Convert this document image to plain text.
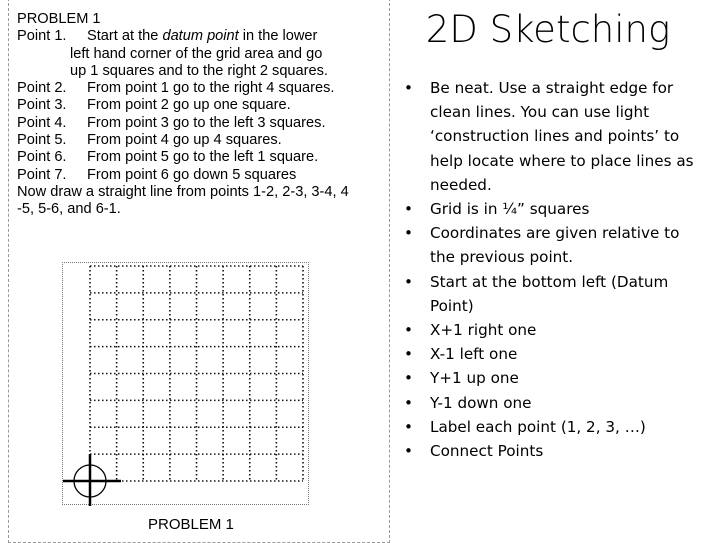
PROBLEM 1
Point 1.	Start at the datum point in the lower
left hand corner of the grid area and go
up 1 squares and to the right 2 squares.
Point 2.	From point 1 go to the right 4 squares.
Point 3.	From point 2 go up one square.
Point 4.	From point 3 go to the left 3 squares.
Point 5.	From point 4 go up 4 squares.
Point 6.	From point 5 go to the left 1 square.
Point 7.	From point 6 go down 5 squares
Now draw a straight line from points 1-2, 2-3, 3-4, 4
-5, 5-6, and 6-1.
PROBLEM 1
2D Sketching
• Be neat. Use a straight edge for clean lines. You can use light ‘construction lines and points’ to help locate where to place lines as needed.
• Grid is in ¼” squares
• Coordinates are given relative to the previous point.
• Start at the bottom left (Datum Point)
• X+1 right one
• X-1 left one
• Y+1 up one
• Y-1 down one
• Label each point (1, 2, 3, …)
• Connect Points
